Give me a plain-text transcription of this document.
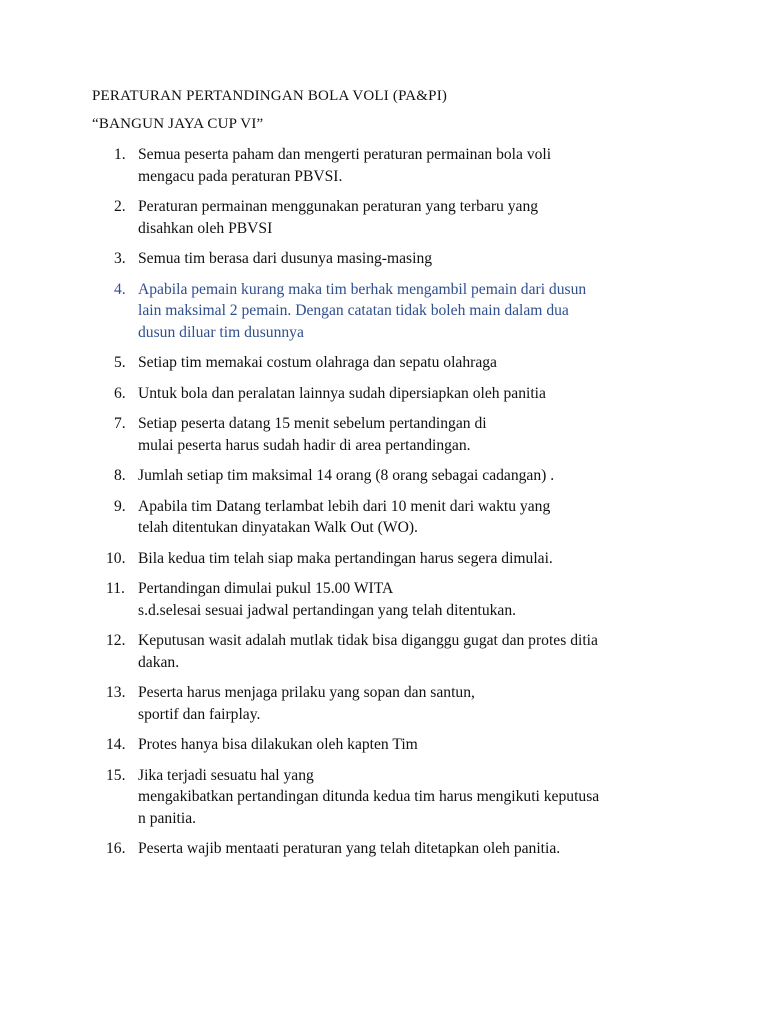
PERATURAN PERTANDINGAN BOLA VOLI (PA&PI)

“BANGUN JAYA CUP VI”

1. Semua peserta paham dan mengerti peraturan permainan bola voli
mengacu pada peraturan PBVSI.
2. Peraturan permainan menggunakan peraturan yang terbaru yang
disahkan oleh PBVSI
3. Semua tim berasa dari dusunya masing-masing
4. Apabila pemain kurang maka tim berhak mengambil pemain dari dusun
lain maksimal 2 pemain. Dengan catatan tidak boleh main dalam dua
dusun diluar tim dusunnya
5. Setiap tim memakai costum olahraga dan sepatu olahraga
6. Untuk bola dan peralatan lainnya sudah dipersiapkan oleh panitia
7. Setiap peserta datang 15 menit sebelum pertandingan di
mulai peserta harus sudah hadir di area pertandingan.
8. Jumlah setiap tim maksimal 14 orang (8 orang sebagai cadangan) .
9. Apabila tim Datang terlambat lebih dari 10 menit dari waktu yang
telah ditentukan dinyatakan Walk Out (WO).
10. Bila kedua tim telah siap maka pertandingan harus segera dimulai.
11. Pertandingan dimulai pukul 15.00 WITA
s.d.selesai sesuai jadwal pertandingan yang telah ditentukan.
12. Keputusan wasit adalah mutlak tidak bisa diganggu gugat dan protes ditia
dakan.
13. Peserta harus menjaga prilaku yang sopan dan santun,
sportif dan fairplay.
14. Protes hanya bisa dilakukan oleh kapten Tim
15. Jika terjadi sesuatu hal yang
mengakibatkan pertandingan ditunda kedua tim harus mengikuti keputusa
n panitia.
16. Peserta wajib mentaati peraturan yang telah ditetapkan oleh panitia.
